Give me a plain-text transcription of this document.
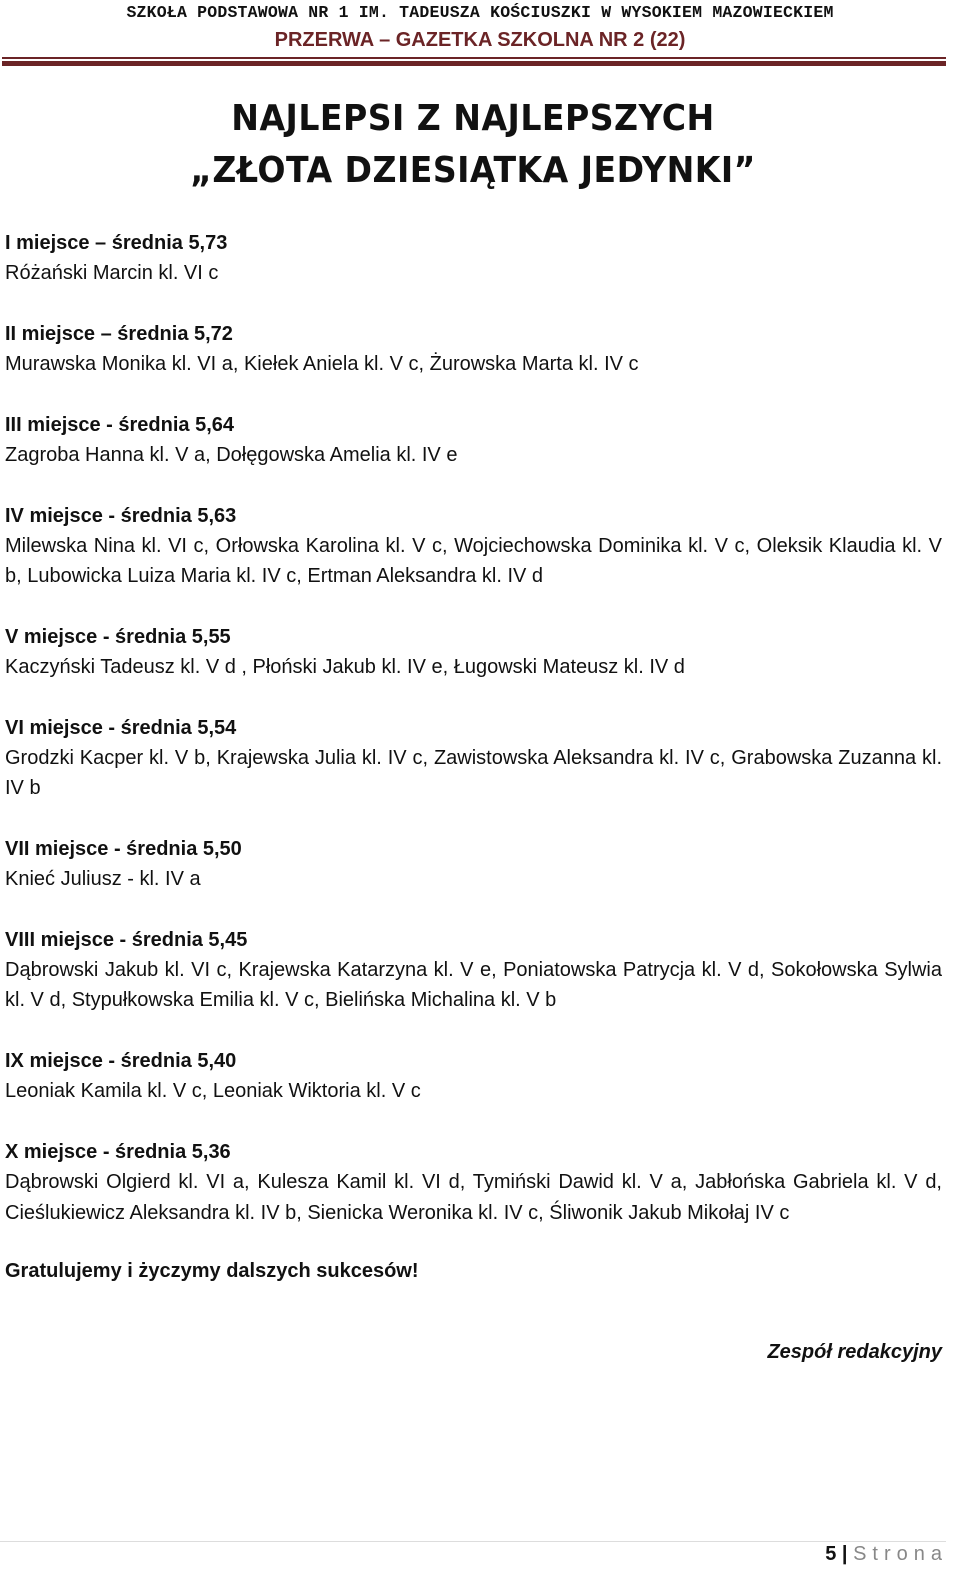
SZKOŁA PODSTAWOWA NR 1 IM. TADEUSZA KOŚCIUSZKI W WYSOKIEM MAZOWIECKIEM
PRZERWA – GAZETKA SZKOLNA NR 2 (22)
NAJLEPSI Z NAJLEPSZYCH
„ZŁOTA DZIESIĄTKA JEDYNKI”
I miejsce – średnia 5,73
Różański Marcin kl. VI c
II miejsce – średnia 5,72
Murawska Monika kl. VI a, Kiełek Aniela kl. V c, Żurowska Marta kl. IV c
III miejsce - średnia 5,64
Zagroba Hanna kl. V a, Dołęgowska Amelia kl. IV e
IV miejsce - średnia 5,63
Milewska Nina kl. VI c, Orłowska Karolina kl. V c, Wojciechowska Dominika kl. V c, Oleksik Klaudia kl. V b, Lubowicka Luiza Maria kl. IV c, Ertman Aleksandra kl. IV d
V miejsce - średnia 5,55
Kaczyński Tadeusz kl. V d , Płoński Jakub kl. IV e, Ługowski Mateusz kl. IV d
VI miejsce - średnia 5,54
Grodzki Kacper kl. V b, Krajewska Julia kl. IV c, Zawistowska Aleksandra kl. IV c, Grabowska Zuzanna kl. IV b
VII miejsce - średnia 5,50
Knieć Juliusz - kl. IV a
VIII miejsce - średnia 5,45
Dąbrowski Jakub kl. VI c, Krajewska Katarzyna kl. V e, Poniatowska Patrycja kl. V d, Sokołowska Sylwia kl. V d, Stypułkowska Emilia kl. V c, Bielińska Michalina kl. V b
IX miejsce - średnia 5,40
Leoniak Kamila kl. V c, Leoniak Wiktoria kl. V c
X miejsce - średnia 5,36
Dąbrowski Olgierd kl. VI a, Kulesza Kamil kl. VI d, Tymiński Dawid kl. V a, Jabłońska Gabriela kl. V d, Cieślukiewicz Aleksandra kl. IV b, Sienicka Weronika kl. IV c, Śliwonik Jakub Mikołaj IV c
Gratulujemy i życzymy dalszych sukcesów!
Zespół redakcyjny
5 | Strona
